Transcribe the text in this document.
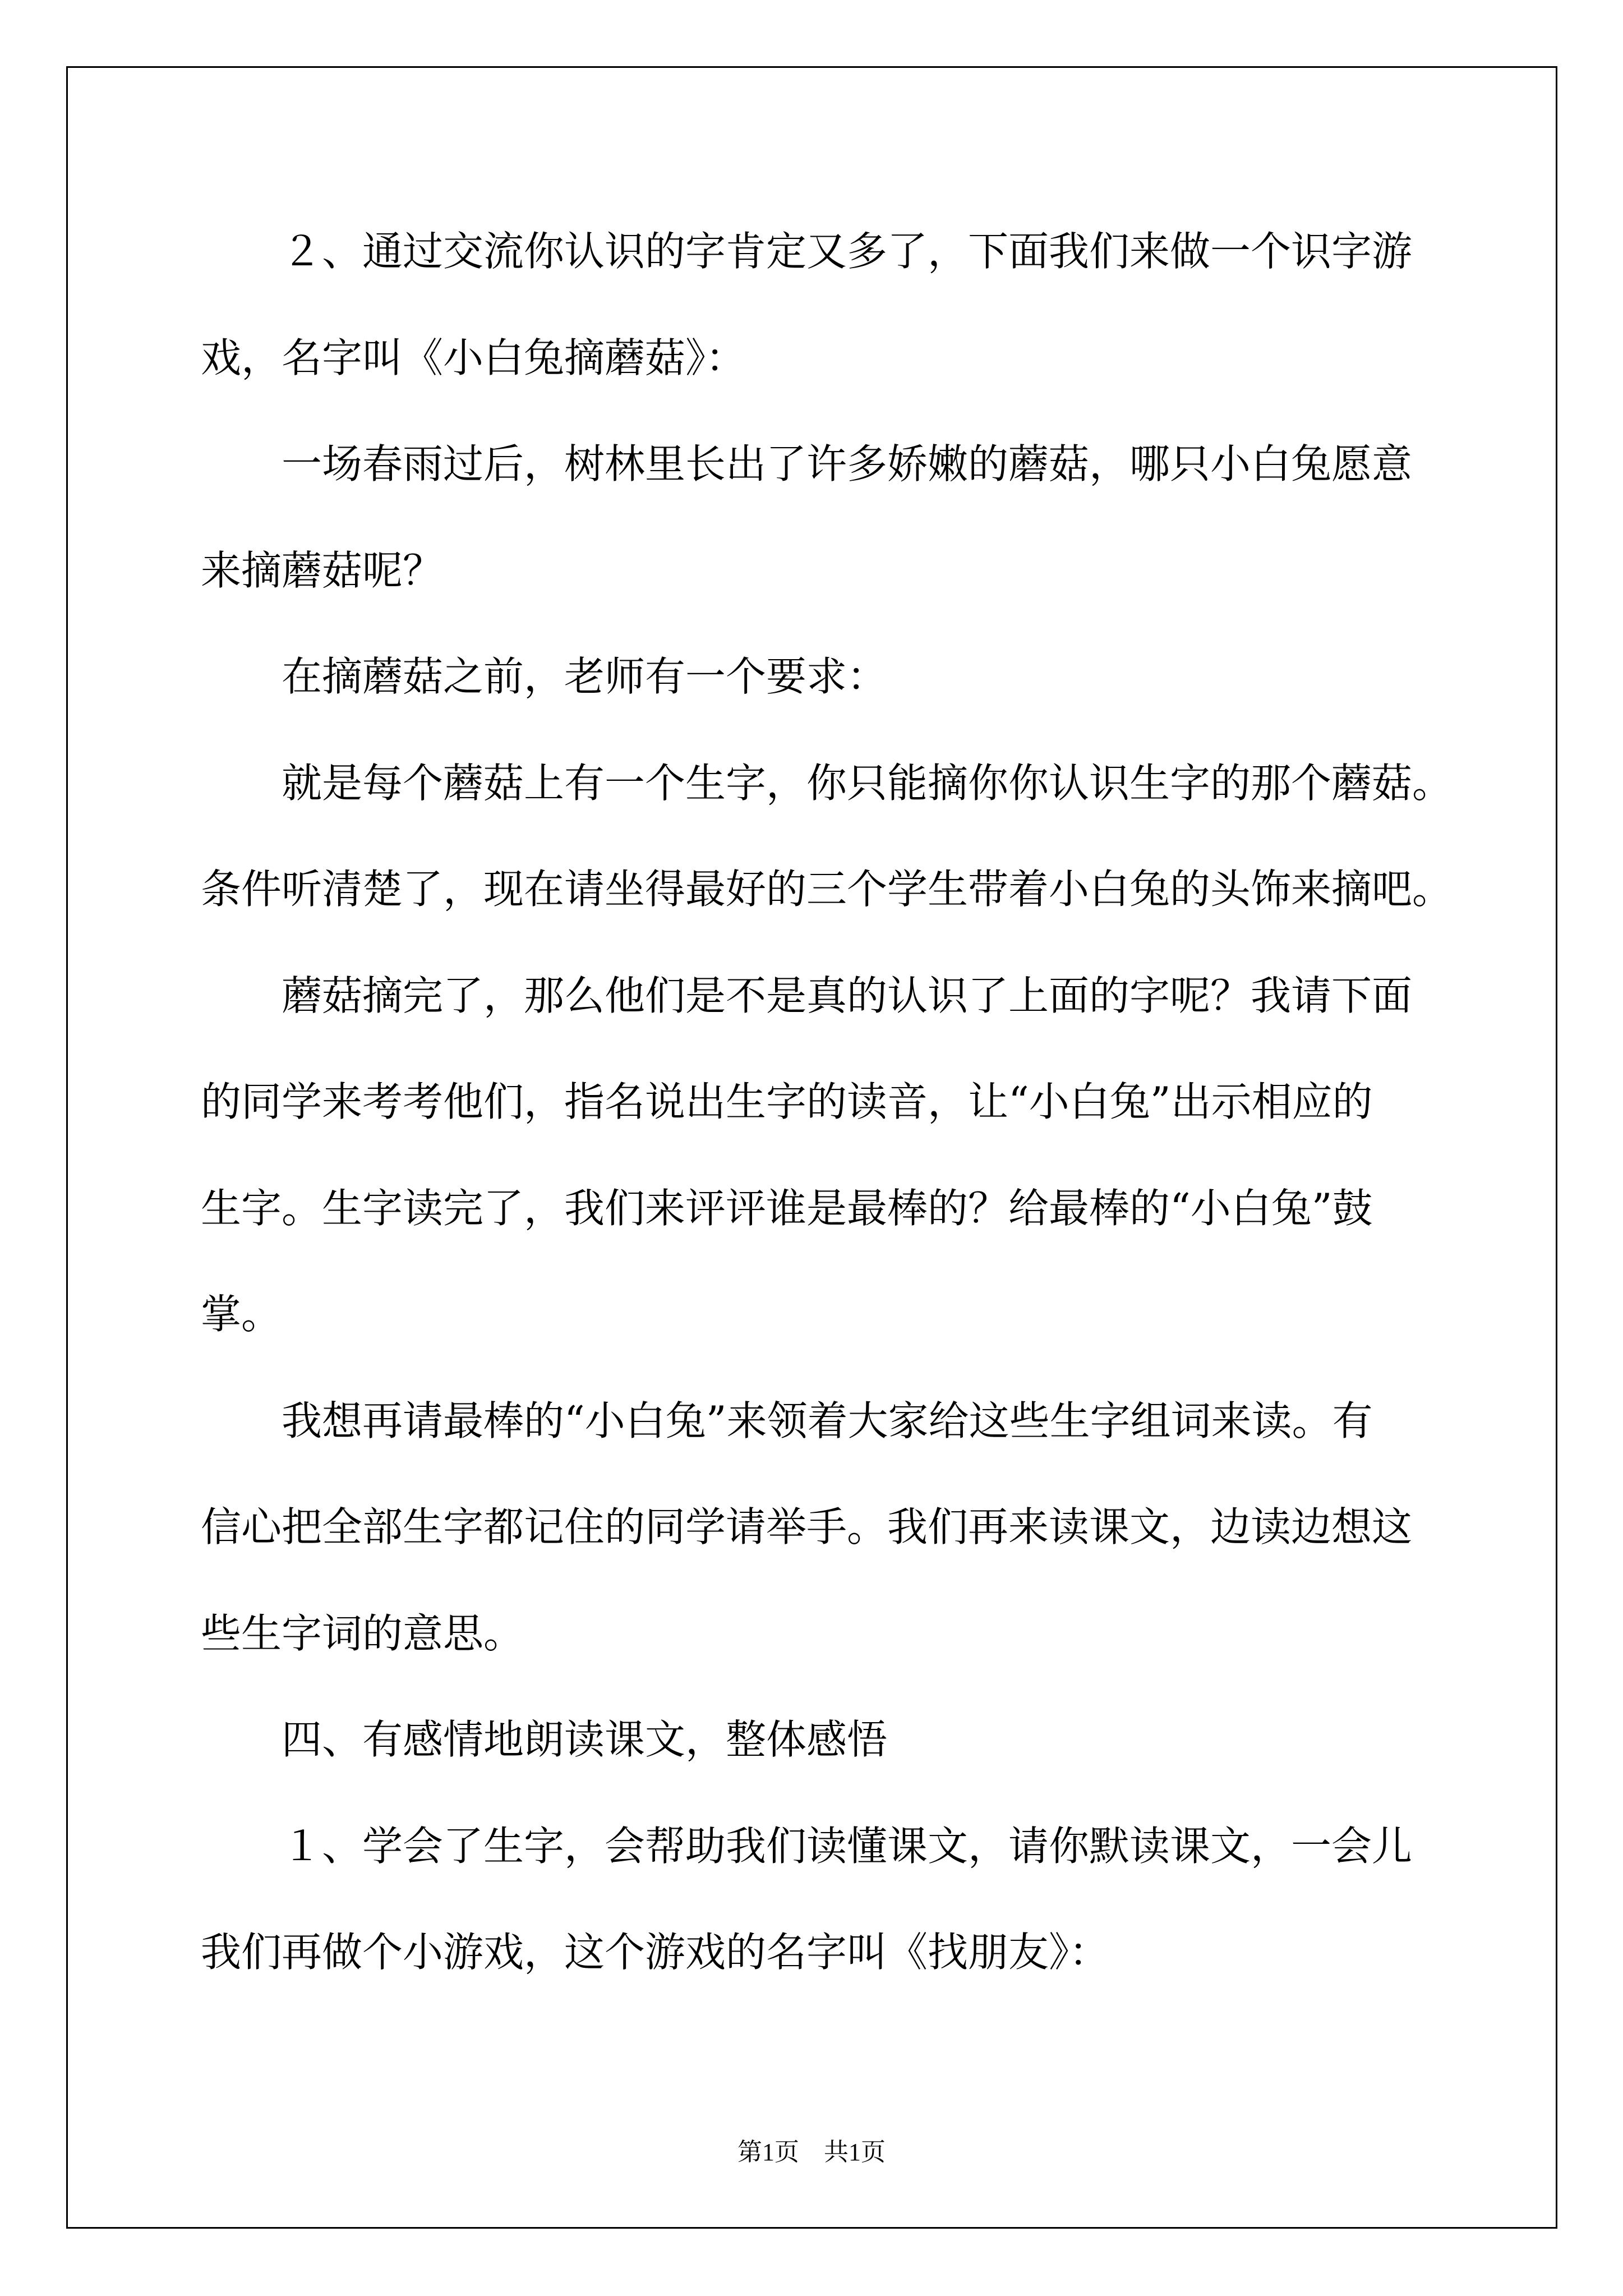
２、通过交流你认识的字肯定又多了，下面我们来做一个识字游
戏，名字叫《小白兔摘蘑菇》：
一场春雨过后，树林里长出了许多娇嫩的蘑菇，哪只小白兔愿意
来摘蘑菇呢？
在摘蘑菇之前，老师有一个要求：
就是每个蘑菇上有一个生字，你只能摘你你认识生字的那个蘑菇。
条件听清楚了，现在请坐得最好的三个学生带着小白兔的头饰来摘吧。
蘑菇摘完了，那么他们是不是真的认识了上面的字呢？我请下面
的同学来考考他们，指名说出生字的读音，让“小白兔”出示相应的
生字。生字读完了，我们来评评谁是最棒的？给最棒的“小白兔”鼓
掌。
我想再请最棒的“小白兔”来领着大家给这些生字组词来读。有
信心把全部生字都记住的同学请举手。我们再来读课文，边读边想这
些生字词的意思。
四、有感情地朗读课文，整体感悟
１、学会了生字，会帮助我们读懂课文，请你默读课文，一会儿
我们再做个小游戏，这个游戏的名字叫《找朋友》：
第1页 共1页
